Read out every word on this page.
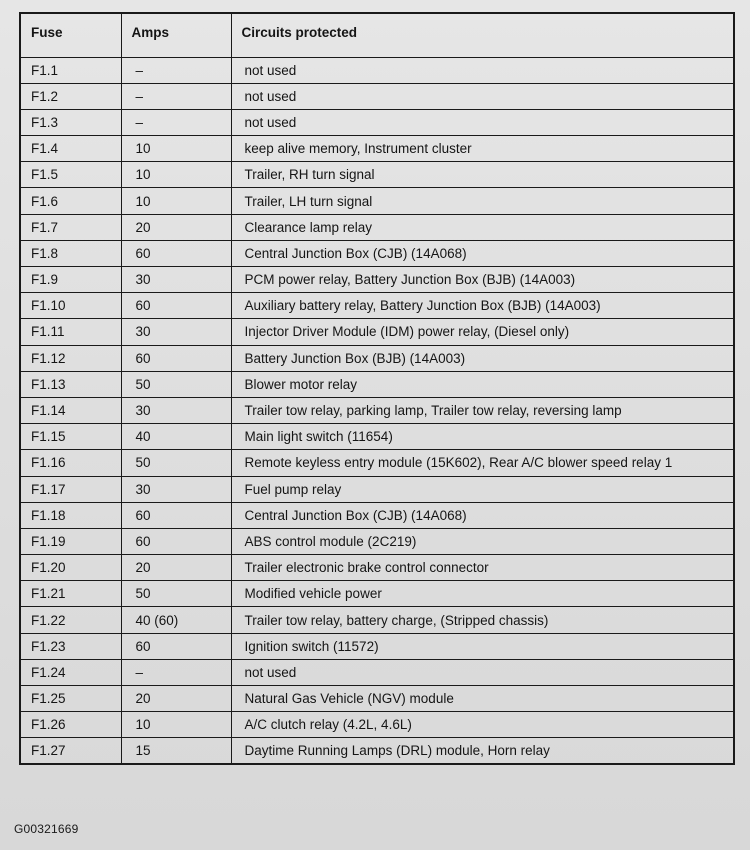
Fuse	Amps	Circuits protected
F1.1	–	not used
F1.2	–	not used
F1.3	–	not used
F1.4	10	keep alive memory, Instrument cluster
F1.5	10	Trailer, RH turn signal
F1.6	10	Trailer, LH turn signal
F1.7	20	Clearance lamp relay
F1.8	60	Central Junction Box (CJB) (14A068)
F1.9	30	PCM power relay, Battery Junction Box (BJB) (14A003)
F1.10	60	Auxiliary battery relay, Battery Junction Box (BJB) (14A003)
F1.11	30	Injector Driver Module (IDM) power relay, (Diesel only)
F1.12	60	Battery Junction Box (BJB) (14A003)
F1.13	50	Blower motor relay
F1.14	30	Trailer tow relay, parking lamp, Trailer tow relay, reversing lamp
F1.15	40	Main light switch (11654)
F1.16	50	Remote keyless entry module (15K602), Rear A/C blower speed relay 1
F1.17	30	Fuel pump relay
F1.18	60	Central Junction Box (CJB) (14A068)
F1.19	60	ABS control module (2C219)
F1.20	20	Trailer electronic brake control connector
F1.21	50	Modified vehicle power
F1.22	40 (60)	Trailer tow relay, battery charge, (Stripped chassis)
F1.23	60	Ignition switch (11572)
F1.24	–	not used
F1.25	20	Natural Gas Vehicle (NGV) module
F1.26	10	A/C clutch relay (4.2L, 4.6L)
F1.27	15	Daytime Running Lamps (DRL) module, Horn relay
G00321669
